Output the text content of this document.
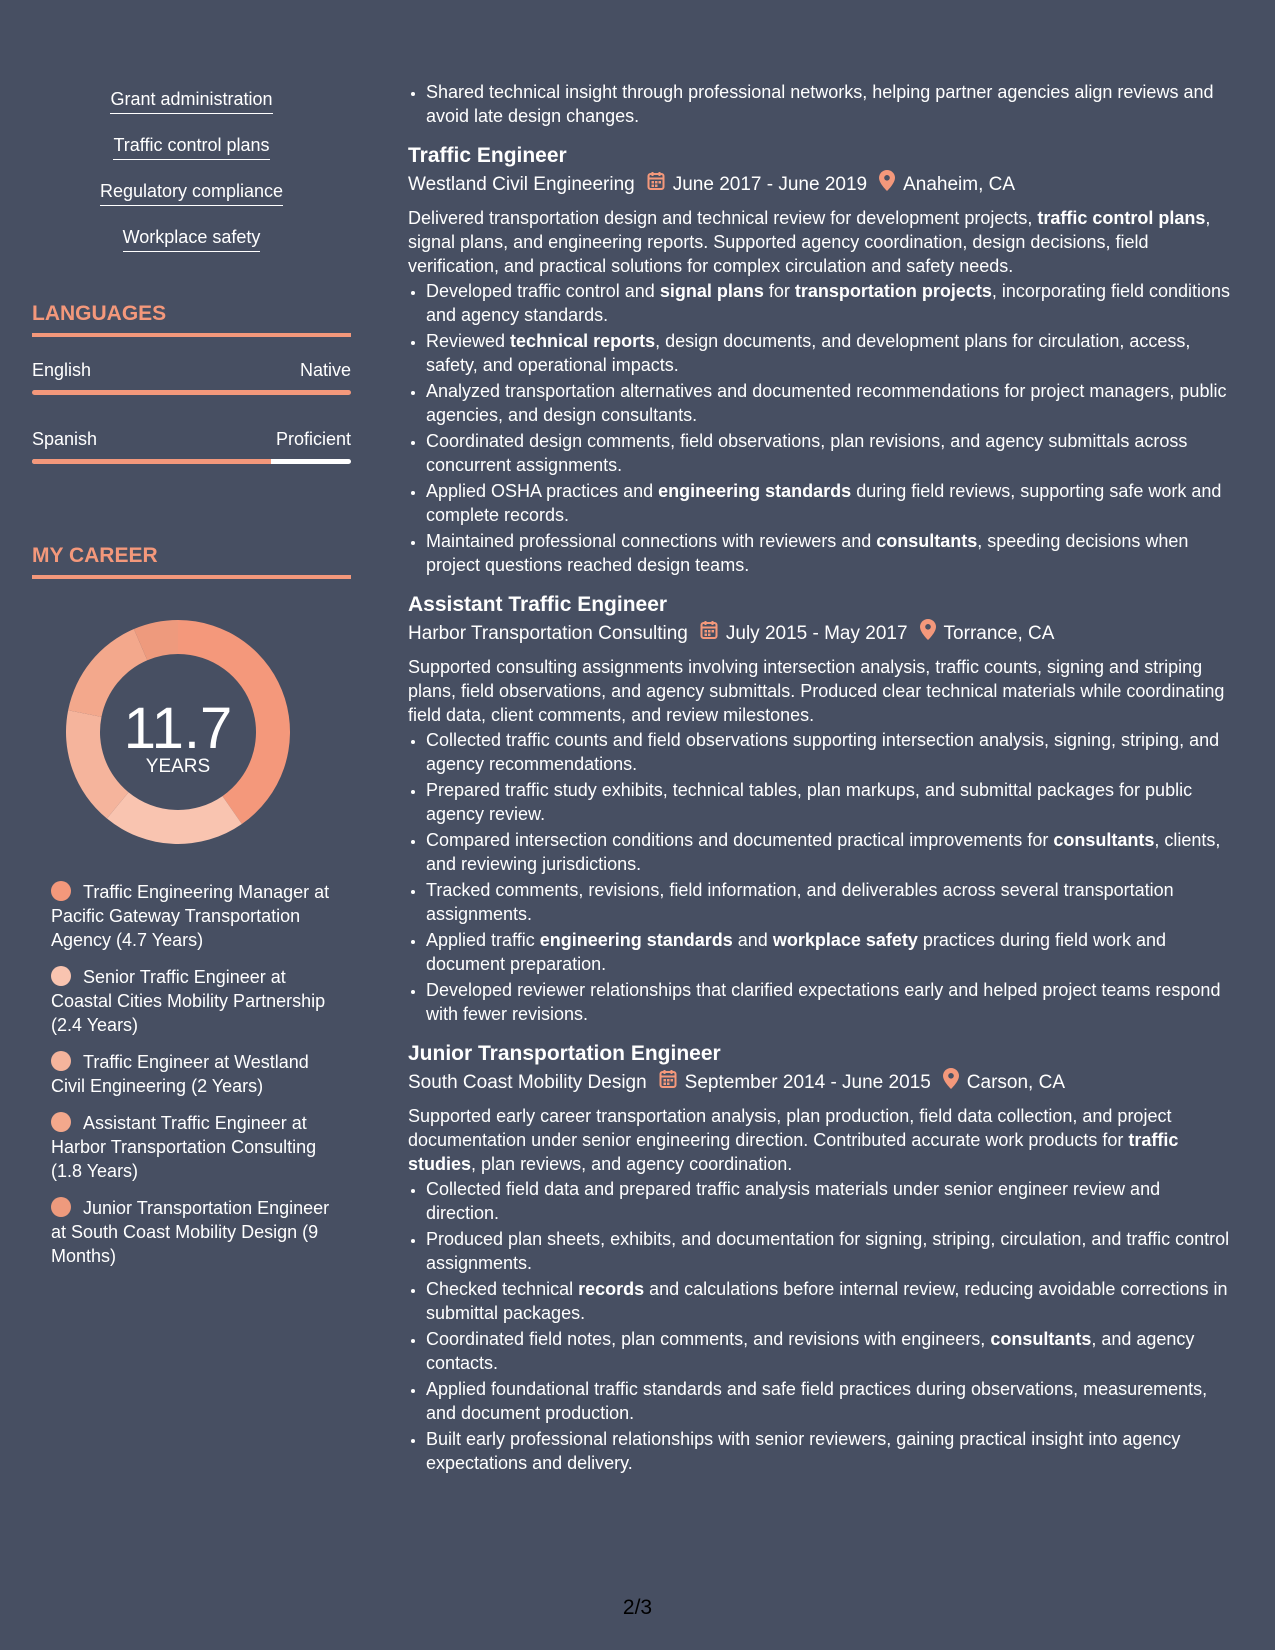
Grant administration
Traffic control plans
Regulatory compliance
Workplace safety
LANGUAGES
English	Native
Spanish	Proficient
MY CAREER
11.7
YEARS
Traffic Engineering Manager at Pacific Gateway Transportation Agency (4.7 Years)
Senior Traffic Engineer at Coastal Cities Mobility Partnership (2.4 Years)
Traffic Engineer at Westland Civil Engineering (2 Years)
Assistant Traffic Engineer at Harbor Transportation Consulting (1.8 Years)
Junior Transportation Engineer at South Coast Mobility Design (9 Months)
• Shared technical insight through professional networks, helping partner agencies align reviews and avoid late design changes.
Traffic Engineer
Westland Civil Engineering June 2017 - June 2019 Anaheim, CA
Delivered transportation design and technical review for development projects, traffic control plans, signal plans, and engineering reports. Supported agency coordination, design decisions, field verification, and practical solutions for complex circulation and safety needs.
• Developed traffic control and signal plans for transportation projects, incorporating field conditions and agency standards.
• Reviewed technical reports, design documents, and development plans for circulation, access, safety, and operational impacts.
• Analyzed transportation alternatives and documented recommendations for project managers, public agencies, and design consultants.
• Coordinated design comments, field observations, plan revisions, and agency submittals across concurrent assignments.
• Applied OSHA practices and engineering standards during field reviews, supporting safe work and complete records.
• Maintained professional connections with reviewers and consultants, speeding decisions when project questions reached design teams.
Assistant Traffic Engineer
Harbor Transportation Consulting July 2015 - May 2017 Torrance, CA
Supported consulting assignments involving intersection analysis, traffic counts, signing and striping plans, field observations, and agency submittals. Produced clear technical materials while coordinating field data, client comments, and review milestones.
• Collected traffic counts and field observations supporting intersection analysis, signing, striping, and agency recommendations.
• Prepared traffic study exhibits, technical tables, plan markups, and submittal packages for public agency review.
• Compared intersection conditions and documented practical improvements for consultants, clients, and reviewing jurisdictions.
• Tracked comments, revisions, field information, and deliverables across several transportation assignments.
• Applied traffic engineering standards and workplace safety practices during field work and document preparation.
• Developed reviewer relationships that clarified expectations early and helped project teams respond with fewer revisions.
Junior Transportation Engineer
South Coast Mobility Design September 2014 - June 2015 Carson, CA
Supported early career transportation analysis, plan production, field data collection, and project documentation under senior engineering direction. Contributed accurate work products for traffic studies, plan reviews, and agency coordination.
• Collected field data and prepared traffic analysis materials under senior engineer review and direction.
• Produced plan sheets, exhibits, and documentation for signing, striping, circulation, and traffic control assignments.
• Checked technical records and calculations before internal review, reducing avoidable corrections in submittal packages.
• Coordinated field notes, plan comments, and revisions with engineers, consultants, and agency contacts.
• Applied foundational traffic standards and safe field practices during observations, measurements, and document production.
• Built early professional relationships with senior reviewers, gaining practical insight into agency expectations and delivery.
2/3
